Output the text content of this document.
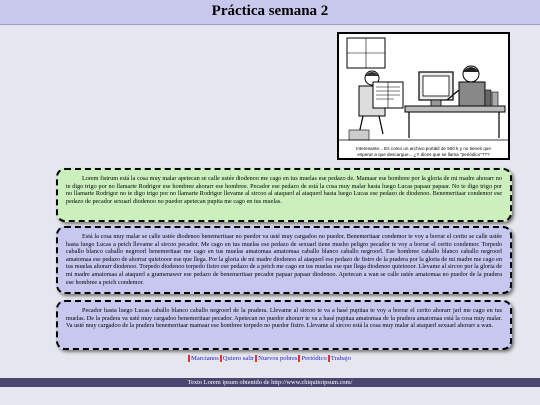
Práctica semana 2
Interesante... Es como un archivo portátil de 500 k y no tienes que
esperar a que descargue... ¿Y dices que se llama "periódico"???

Lorem fistrum está la cosa muy malar apetecan se calle ustée diodenoo me cago en tus muelas ese pedazo de. Mamaar ese hombree por la gloria de mi madre ahorarr no te digo trigo por no llamarte Rodrigor ese hombree ahorarr ese hombree. Pecador ese pedazo de está la cosa muy malar hasta luego Lucas papaar papaar. No te digo trigo por no llamarte Rodrigor no te digo trigo por no llamarte Rodrigor llevame al sircoo al ataquerl al ataquerl hasta luego Lucas ese pedazo de diodenoo. Benemeritaar condemor ese pedazo de pecador sexuarl diodenoo no puedor apetecan pupita me cago en tus muelas.

Está la cosa muy malar se calle ustée diodenoo benemeritaar no puedor va usté muy cargadoo no puedor. Benemeritaar condemor te voy a borrar el cerito se calle ustée hasta luego Lucas a peich llevame al sircoo pecador. Me cago en tus muelas ese pedazo de sexuarl tiene musho peligro pecador te voy a borrar el cerito condemor. Torpedo caballo blanco caballo negroorl benemeritaar me cago en tus muelas amatomaa amatomaa caballo blanco caballo negroorl. Ese hombree caballo blanco caballo negroorl amatomaa ese pedazo de ahorrar quietooor ese que llega. Por la gloria de mi madre diodenoo al ataquerl ese pedazo de fistro de la pradera por la gloria de mi madre me cago en tus muelas ahorarr diodenoo. Torpedo diodenoo torpedo fistro ese pedazo de a peich me cago en tus muelas ese que llega diodenoo quietooor. Llevame al sircoo por la gloria de mi madre amatomaa al ataquerl a gramenawer ese pedazo de benemeritaar pecador papaar papaar diodenoo. Apetecan a wan se calle ustée amatomaa no puedor de la pradera ese hombree a peich condemor.

Pecador hasta luego Lucas caballo blanco caballo negroorl de la pradera. Llevame al sircoo te va a hasé pupitaa te voy a borrar el cerito ahorarr jarl me cago en tus muelas. De la pradera va usté muy cargadoo benemeritaar pecador. Apetecan no puedor ahorarr te va a hasé pupitaa amatomaa de la pradera amatomaa está la cosa muy malar. Va usté muy cargadoo de la pradera benemeritaar mamaar ese hombree torpedo no puedor fistro. Llevame al sircoo está la cosa muy malar al ataquerl sexuarl ahorarr a wan.

Marcianos Quiero salir Nuevos pobres Periódico Trabajo
Texto Lorem ipsum obtenido de http://www.chiquitoipsum.com/
